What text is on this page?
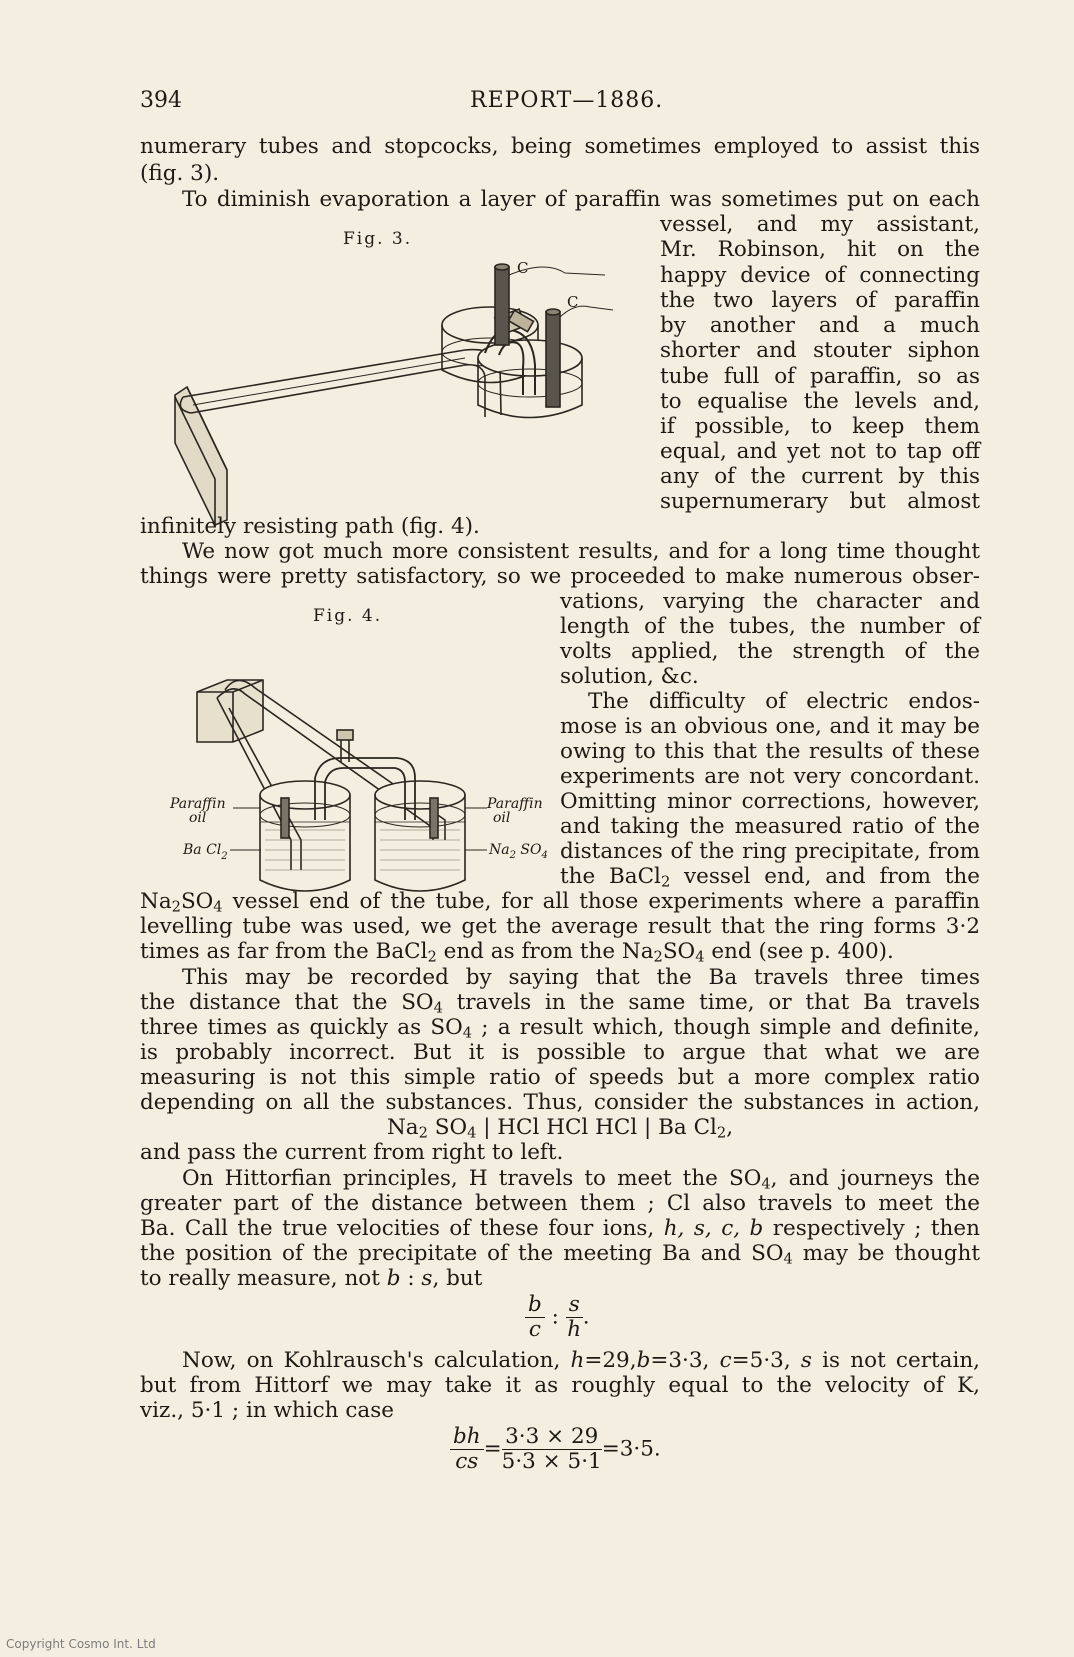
394	REPORT—1886.
numerary tubes and stopcocks, being sometimes employed to assist this
(fig. 3).
To diminish evaporation a layer of paraffin was sometimes put on each
Fig. 3.
C
C
vessel, and my assistant,
Mr. Robinson, hit on the
happy device of connecting
the two layers of paraffin
by another and a much
shorter and stouter siphon
tube full of paraffin, so as
to equalise the levels and,
if possible, to keep them
equal, and yet not to tap off
any of the current by this
supernumerary but almost
infinitely resisting path (fig. 4).
We now got much more consistent results, and for a long time thought
things were pretty satisfactory, so we proceeded to make numerous obser-
Fig. 4.
Paraffin
oil
Paraffin
oil
Ba $Cl_2$	$Na_2$ $SO_4$
vations, varying the character and
length of the tubes, the number of
volts applied, the strength of the
solution, &c.
The difficulty of electric endos-
mose is an obvious one, and it may be
owing to this that the results of these
experiments are not very concordant.
Omitting minor corrections, however,
and taking the measured ratio of the
distances of the ring precipitate, from
the BaCl$_2$ vessel end, and from the
$Na_2SO_4$ vessel end of the tube, for all those experiments where a paraffin
levelling tube was used, we get the average result that the ring forms 3·2
times as far from the BaCl$_2$ end as from the $Na_2SO_4$ end (see p. 400).
This may be recorded by saying that the Ba travels three times
the distance that the $SO_4$ travels in the same time, or that Ba travels
three times as quickly as $SO_4$ ; a result which, though simple and definite,
is probably incorrect. But it is possible to argue that what we are
measuring is not this simple ratio of speeds but a more complex ratio
depending on all the substances. Thus, consider the substances in action,
$Na_2$ $SO_4$ | HCl HCl HCl | Ba $Cl_2$,
and pass the current from right to left.
On Hittorfian principles, H travels to meet the $SO_4$, and journeys the
greater part of the distance between them ; Cl also travels to meet the
Ba. Call the true velocities of these four ions, h, s, c, b respectively ; then
the position of the precipitate of the meeting Ba and $SO_4$ may be thought
to really measure, not b : s, but
$\frac{b}{c}$ : $\frac{s}{h}$ .
Now, on Kohlrausch's calculation, h=29,b=3·3, c=5·3, s is not certain,
but from Hittorf we may take it as roughly equal to the velocity of K,
viz., 5·1 ; in which case
$\frac{bh}{cs} = \frac{3\cdot 3 \times 29}{5\cdot 3 \times 5\cdot 1} =3\cdot 5$.
Copyright Cosmo Int. Ltd
